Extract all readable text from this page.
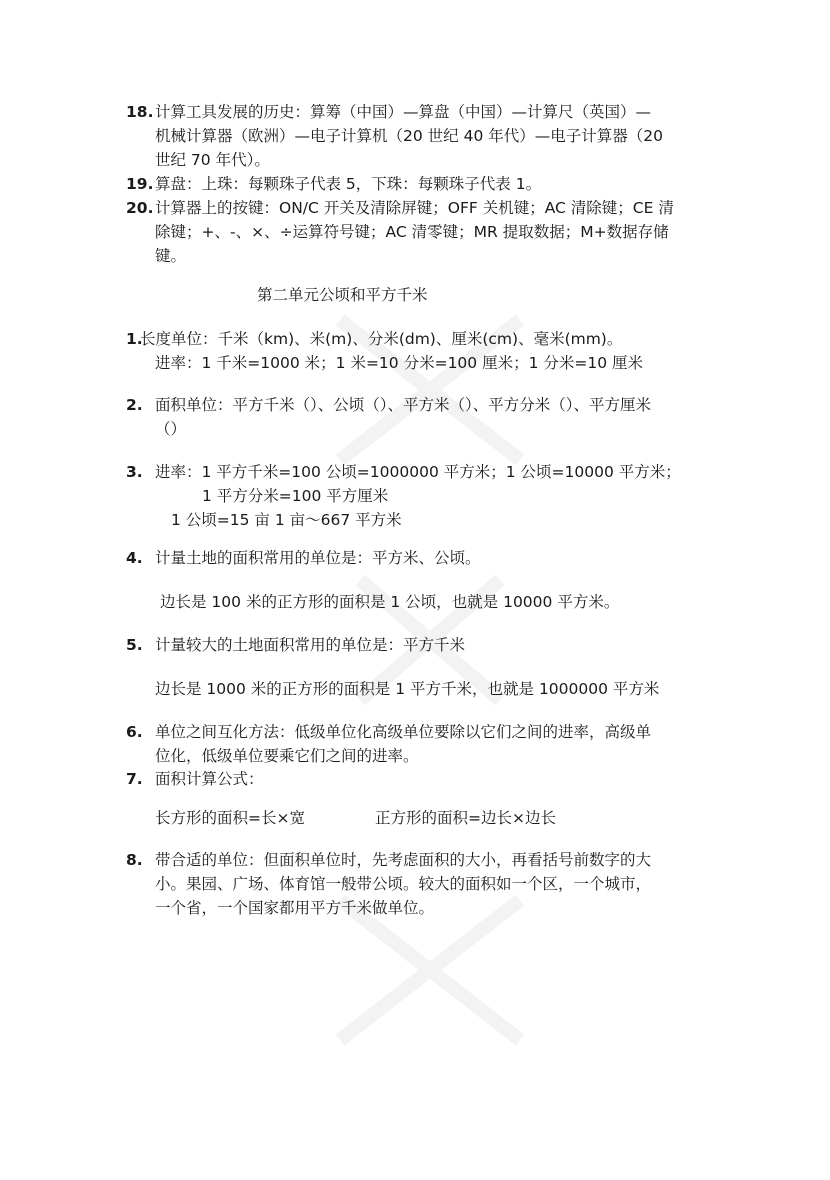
18. 计算工具发展的历史：算筹（中国）—算盘（中国）—计算尺（英国）—
机械计算器（欧洲）—电子计算机（20 世纪 40 年代）—电子计算器（20
世纪 70 年代）。
19. 算盘：上珠：每颗珠子代表 5，下珠：每颗珠子代表 1。
20. 计算器上的按键：ON/C 开关及清除屏键；OFF 关机键；AC 清除键；CE 清
除键；+、-、×、÷运算符号键；AC 清零键；MR 提取数据；M+数据存储
键。
第二单元公顷和平方千米
1.
长度单位：千米（km)、米(m)、分米(dm)、厘米(cm)、毫米(mm)。
进率：1 千米=1000 米；1 米=10 分米=100 厘米；1 分米=10 厘米
2. 面积单位：平方千米（）、公顷（）、平方米（）、平方分米（）、平方厘米
（）
3. 进率：1 平方千米=100 公顷=1000000 平方米；1 公顷=10000 平方米；
1 平方分米=100 平方厘米
1 公顷=15 亩 1 亩～667 平方米
4. 计量土地的面积常用的单位是：平方米、公顷。
边长是 100 米的正方形的面积是 1 公顷，也就是 10000 平方米。
5. 计量较大的土地面积常用的单位是：平方千米
边长是 1000 米的正方形的面积是 1 平方千米，也就是 1000000 平方米
6. 单位之间互化方法：低级单位化高级单位要除以它们之间的进率，高级单
位化，低级单位要乘它们之间的进率。
7. 面积计算公式：
长方形的面积=长×宽	正方形的面积=边长×边长
8. 带合适的单位：但面积单位时，先考虑面积的大小，再看括号前数字的大
小。果园、广场、体育馆一般带公顷。较大的面积如一个区，一个城市，
一个省，一个国家都用平方千米做单位。
